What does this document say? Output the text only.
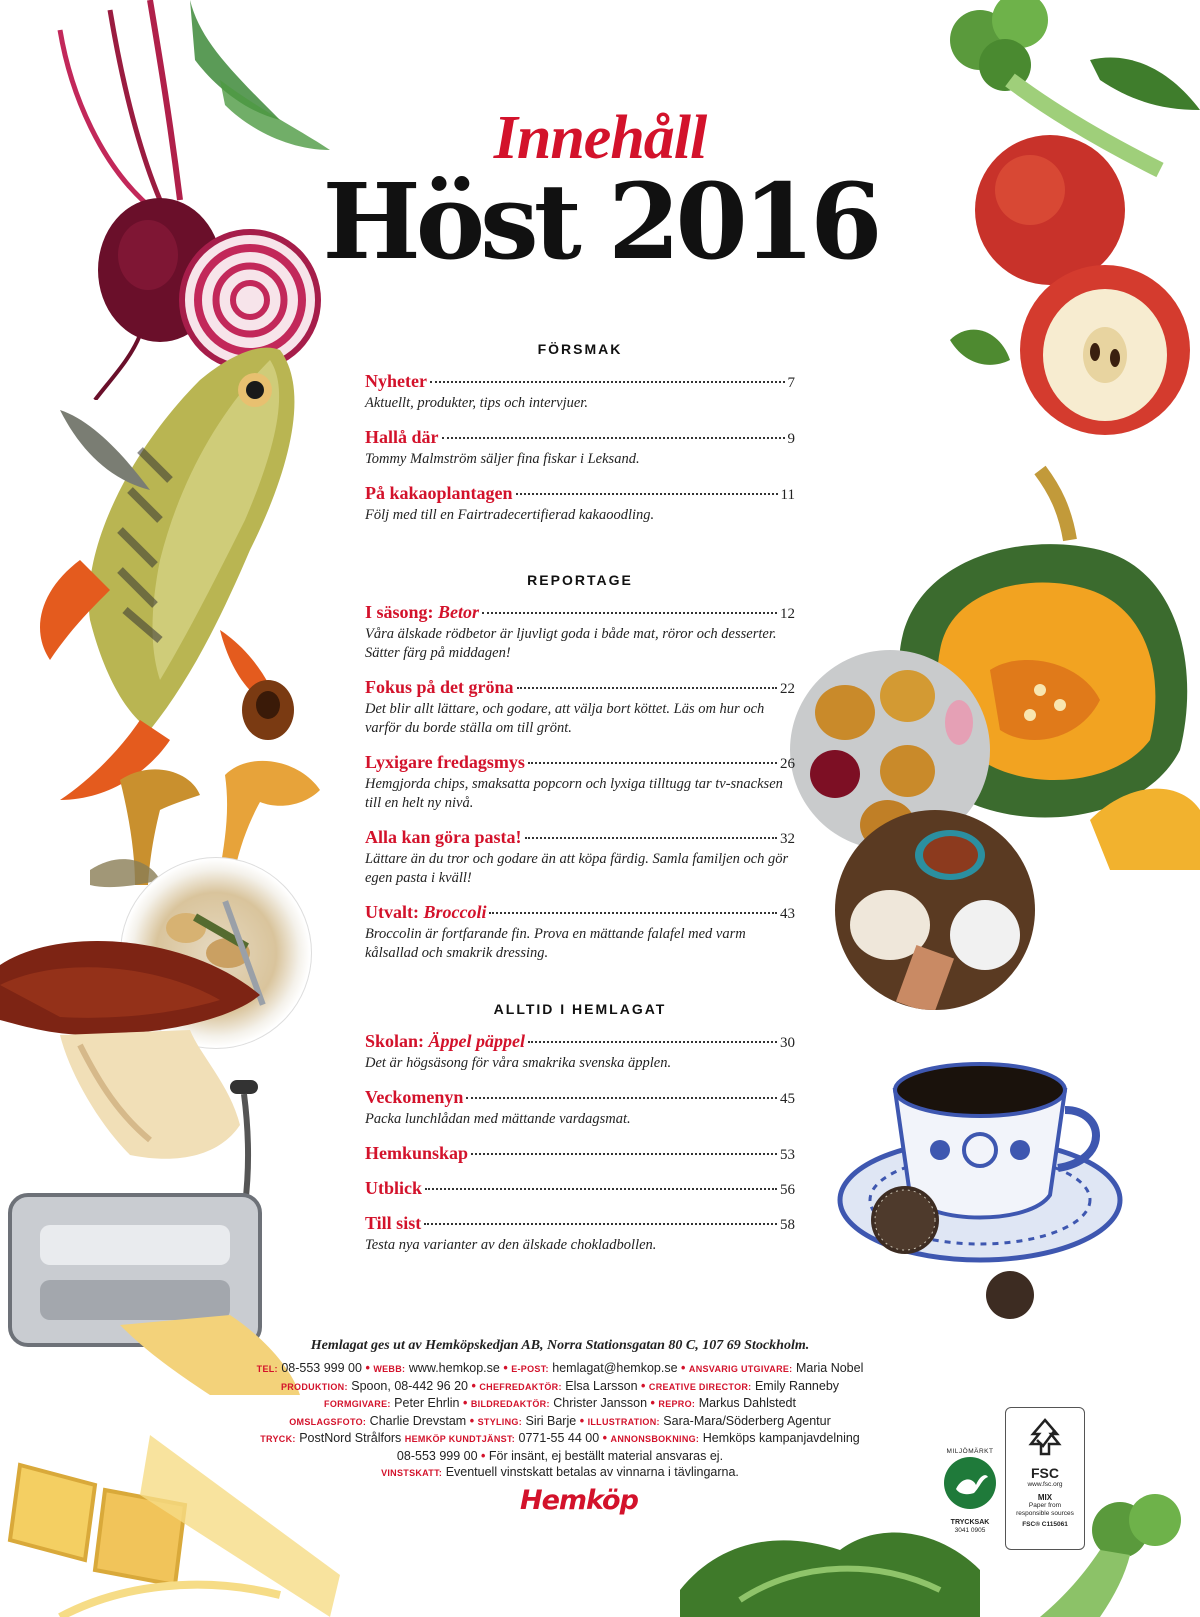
Innehåll
Höst 2016
FÖRSMAK
Nyheter	7
Aktuellt, produkter, tips och intervjuer.
Hallå där	9
Tommy Malmström säljer fina fiskar i Leksand.
På kakaoplantagen	11
Följ med till en Fairtradecertifierad kakaoodling.
REPORTAGE
I säsong: Betor	12
Våra älskade rödbetor är ljuvligt goda i både mat, röror och desserter. Sätter färg på middagen!
Fokus på det gröna	22
Det blir allt lättare, och godare, att välja bort köttet. Läs om hur och varför du borde ställa om till grönt.
Lyxigare fredagsmys	26
Hemgjorda chips, smaksatta popcorn och lyxiga tilltugg tar tv-snacksen till en helt ny nivå.
Alla kan göra pasta!	32
Lättare än du tror och godare än att köpa färdig. Samla familjen och gör egen pasta i kväll!
Utvalt: Broccoli	43
Broccolin är fortfarande fin. Prova en mättande falafel med varm kålsallad och smakrik dressing.
ALLTID I HEMLAGAT
Skolan: Äppel päppel	30
Det är högsäsong för våra smakrika svenska äpplen.
Veckomenyn	45
Packa lunchlådan med mättande vardagsmat.
Hemkunskap	53
Utblick	56
Till sist	58
Testa nya varianter av den älskade chokladbollen.
Hemlagat ges ut av Hemköpskedjan AB, Norra Stationsgatan 80 C, 107 69 Stockholm.
TEL: 08-553 999 00 • WEBB: www.hemkop.se • E-POST: hemlagat@hemkop.se • ANSVARIG UTGIVARE: Maria Nobel
PRODUKTION: Spoon, 08-442 96 20 • CHEFREDAKTÖR: Elsa Larsson • CREATIVE DIRECTOR: Emily Ranneby
FORMGIVARE: Peter Ehrlin • BILDREDAKTÖR: Christer Jansson • REPRO: Markus Dahlstedt
OMSLAGSFOTO: Charlie Drevstam • STYLING: Siri Barje • ILLUSTRATION: Sara-Mara/Söderberg Agentur
TRYCK: PostNord Strålfors HEMKÖP KUNDTJÄNST: 0771-55 44 00 • ANNONSBOKNING: Hemköps kampanjavdelning
08-553 999 00 • För insänt, ej beställt material ansvaras ej.
VINSTSKATT: Eventuell vinstskatt betalas av vinnarna i tävlingarna.
Hemköp
MILJÖMÄRKT
TRYCKSAK
3041 0905
FSC
www.fsc.org
MIX
Paper from
responsible sources
FSC® C115061
